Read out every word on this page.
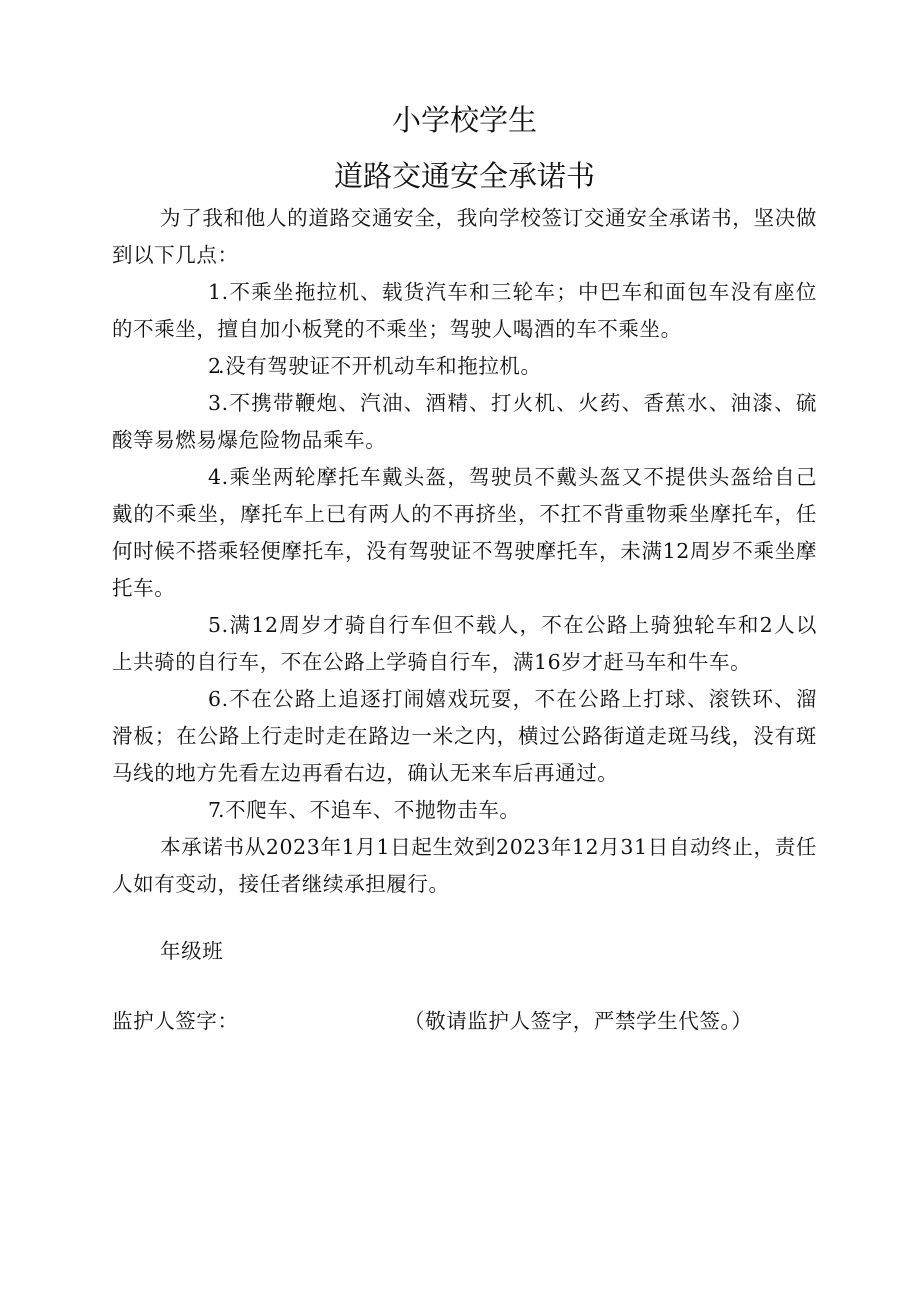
小学校学生
道路交通安全承诺书

为了我和他人的道路交通安全，我向学校签订交通安全承诺书，坚决做到以下几点：

1.不乘坐拖拉机、载货汽车和三轮车；中巴车和面包车没有座位的不乘坐，擅自加小板凳的不乘坐；驾驶人喝酒的车不乘坐。

2.没有驾驶证不开机动车和拖拉机。

3.不携带鞭炮、汽油、酒精、打火机、火药、香蕉水、油漆、硫酸等易燃易爆危险物品乘车。

4.乘坐两轮摩托车戴头盔，驾驶员不戴头盔又不提供头盔给自己戴的不乘坐，摩托车上已有两人的不再挤坐，不扛不背重物乘坐摩托车，任何时候不搭乘轻便摩托车，没有驾驶证不驾驶摩托车，未满12周岁不乘坐摩托车。

5.满12周岁才骑自行车但不载人，不在公路上骑独轮车和2人以上共骑的自行车，不在公路上学骑自行车，满16岁才赶马车和牛车。

6.不在公路上追逐打闹嬉戏玩耍，不在公路上打球、滚铁环、溜滑板；在公路上行走时走在路边一米之内，横过公路街道走斑马线，没有斑马线的地方先看左边再看右边，确认无来车后再通过。

7.不爬车、不追车、不抛物击车。

本承诺书从2023年1月1日起生效到2023年12月31日自动终止，责任人如有变动，接任者继续承担履行。

年级班

监护人签字：	（敬请监护人签字，严禁学生代签。）
